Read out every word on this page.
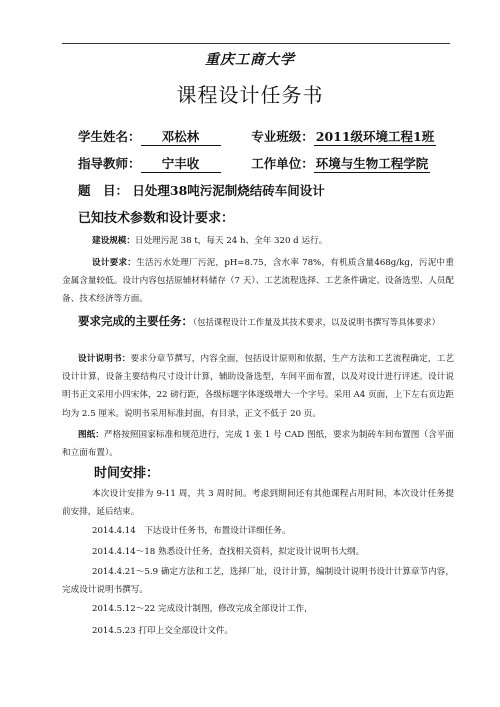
重庆工商大学
课程设计任务书
学生姓名： 邓松林	专业班级： 2011级环境工程1班
指导教师： 宁丰收	工作单位： 环境与生物工程学院
题　目： 日处理38吨污泥制烧结砖车间设计
已知技术参数和设计要求：
建设规模：日处理污泥 38 t，每天 24 h、全年 320 d 运行。
设计要求：生活污水处理厂污泥，pH=8.75，含水率 78%，有机质含量468g/kg，污泥中重金属含量较低。设计内容包括原辅材料储存（7 天）、工艺流程选择、工艺条件确定、设备选型、人员配备、技术经济等方面。
要求完成的主要任务：（包括课程设计工作量及其技术要求，以及说明书撰写等具体要求）
设计说明书：要求分章节撰写，内容全面，包括设计原则和依据，生产方法和工艺流程确定，工艺设计计算，设备主要结构尺寸设计计算，辅助设备选型，车间平面布置，以及对设计进行评述。设计说明书正文采用小四宋体，22 磅行距，各级标题字体逐级增大一个字号。采用 A4 页面，上下左右页边距均为 2.5 厘米。说明书采用标准封面，有目录，正文不低于 20 页。
图纸：严格按照国家标准和规范进行，完成 1 张 1 号 CAD 图纸，要求为制砖车间布置图（含平面和立面布置）。
时间安排：
本次设计安排为 9-11 周，共 3 周时间。考虑到期间还有其他课程占用时间，本次设计任务提前安排，延后结束。
2014.4.14　下达设计任务书，布置设计详细任务。
2014.4.14～18 熟悉设计任务，查找相关资料，拟定设计说明书大纲。
2014.4.21～5.9 确定方法和工艺，选择厂址，设计计算，编制设计说明书设计计算章节内容，完成设计说明书撰写。
2014.5.12～22 完成设计制图，修改完成全部设计工作，
2014.5.23 打印上交全部设计文件。
